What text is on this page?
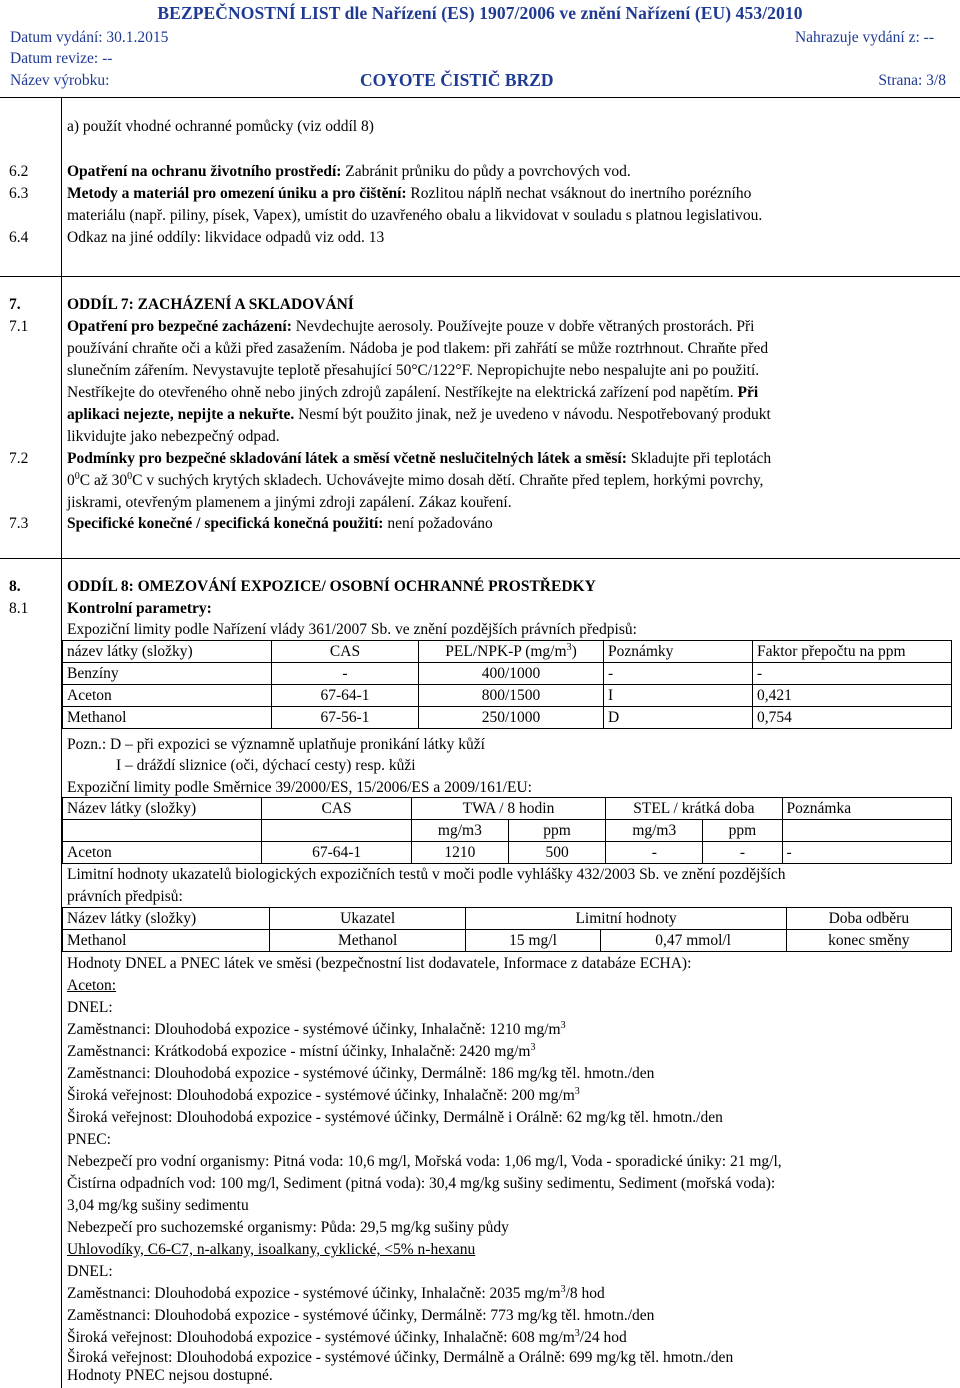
BEZPEČNOSTNÍ LIST dle Nařízení (ES) 1907/2006 ve znění Nařízení (EU) 453/2010
Datum vydání: 30.1.2015	Nahrazuje vydání z: --
Datum revize: --
Název výrobku:	COYOTE ČISTIČ BRZD	Strana: 3/8
a) použít vhodné ochranné pomůcky (viz oddíl 8)
6.2 Opatření na ochranu životního prostředí: Zabránit průniku do půdy a povrchových vod.
6.3 Metody a materiál pro omezení úniku a pro čištění: Rozlitou náplň nechat vsáknout do inertního porézního
materiálu (např. piliny, písek, Vapex), umístit do uzavřeného obalu a likvidovat v souladu s platnou legislativou.
6.4 Odkaz na jiné oddíly: likvidace odpadů viz odd. 13
7.	ODDÍL 7: ZACHÁZENÍ A SKLADOVÁNÍ
7.1 Opatření pro bezpečné zacházení: Nevdechujte aerosoly. Používejte pouze v dobře větraných prostorách. Při
používání chraňte oči a kůži před zasažením. Nádoba je pod tlakem: při zahřátí se může roztrhnout. Chraňte před
slunečním zářením. Nevystavujte teplotě přesahující 50°C/122°F. Nepropichujte nebo nespalujte ani po použití.
Nestříkejte do otevřeného ohně nebo jiných zdrojů zapálení. Nestříkejte na elektrická zařízení pod napětím. Při
aplikaci nejezte, nepijte a nekuřte. Nesmí být použito jinak, než je uvedeno v návodu. Nespotřebovaný produkt
likvidujte jako nebezpečný odpad.
7.2 Podmínky pro bezpečné skladování látek a směsí včetně neslučitelných látek a směsí: Skladujte při teplotách
$0^0C$ až $30^0C$ v suchých krytých skladech. Uchovávejte mimo dosah dětí. Chraňte před teplem, horkými povrchy,
jiskrami, otevřeným plamenem a jinými zdroji zapálení. Zákaz kouření.
7.3 Specifické konečné / specifická konečná použití: není požadováno
8.	ODDÍL 8: OMEZOVÁNÍ EXPOZICE/ OSOBNÍ OCHRANNÉ PROSTŘEDKY
8.1 Kontrolní parametry:
Expoziční limity podle Nařízení vlády 361/2007 Sb. ve znění pozdějších právních předpisů:
název látky (složky)	CAS	PEL/NPK-P $(mg/m^3)$	Poznámky	Faktor přepočtu na ppm
Benzíny	-	400/1000	-	-
Aceton	67-64-1	800/1500	I	0,421
Methanol	67-56-1	250/1000	D	0,754
Pozn.: D – při expozici se významně uplatňuje pronikání látky kůží
I – dráždí sliznice (oči, dýchací cesty) resp. kůži
Expoziční limity podle Směrnice 39/2000/ES, 15/2006/ES a 2009/161/EU:
Název látky (složky)	CAS	TWA / 8 hodin		STEL / krátká doba		Poznámka
		mg/m3	ppm	mg/m3	ppm	
Aceton	67-64-1	1210	500	-	-	-
Limitní hodnoty ukazatelů biologických expozičních testů v moči podle vyhlášky 432/2003 Sb. ve znění pozdějších
právních předpisů:
Název látky (složky)	Ukazatel	Limitní hodnoty		Doba odběru
Methanol	Methanol	15 mg/l	0,47 mmol/l	konec směny
Hodnoty DNEL a PNEC látek ve směsi (bezpečnostní list dodavatele, Informace z databáze ECHA):
Aceton:
DNEL:
Zaměstnanci: Dlouhodobá expozice - systémové účinky, Inhalačně: 1210 $mg/m^3$
Zaměstnanci: Krátkodobá expozice - místní účinky, Inhalačně: 2420 $mg/m^3$
Zaměstnanci: Dlouhodobá expozice - systémové účinky, Dermálně: 186 mg/kg těl. hmotn./den
Široká veřejnost: Dlouhodobá expozice - systémové účinky, Inhalačně: 200 $mg/m^3$
Široká veřejnost: Dlouhodobá expozice - systémové účinky, Dermálně i Orálně: 62 mg/kg těl. hmotn./den
PNEC:
Nebezpečí pro vodní organismy: Pitná voda: 10,6 mg/l, Mořská voda: 1,06 mg/l, Voda - sporadické úniky: 21 mg/l,
Čistírna odpadních vod: 100 mg/l, Sediment (pitná voda): 30,4 mg/kg sušiny sedimentu, Sediment (mořská voda):
3,04 mg/kg sušiny sedimentu
Nebezpečí pro suchozemské organismy: Půda: 29,5 mg/kg sušiny půdy
Uhlovodíky, C6-C7, n-alkany, isoalkany, cyklické, <5% n-hexanu
DNEL:
Zaměstnanci: Dlouhodobá expozice - systémové účinky, Inhalačně: 2035 $mg/m^3/8$ hod
Zaměstnanci: Dlouhodobá expozice - systémové účinky, Dermálně: 773 mg/kg těl. hmotn./den
Široká veřejnost: Dlouhodobá expozice - systémové účinky, Inhalačně: 608 $mg/m^3/24$ hod
Široká veřejnost: Dlouhodobá expozice - systémové účinky, Dermálně a Orálně: 699 mg/kg těl. hmotn./den
Hodnoty PNEC nejsou dostupné.
